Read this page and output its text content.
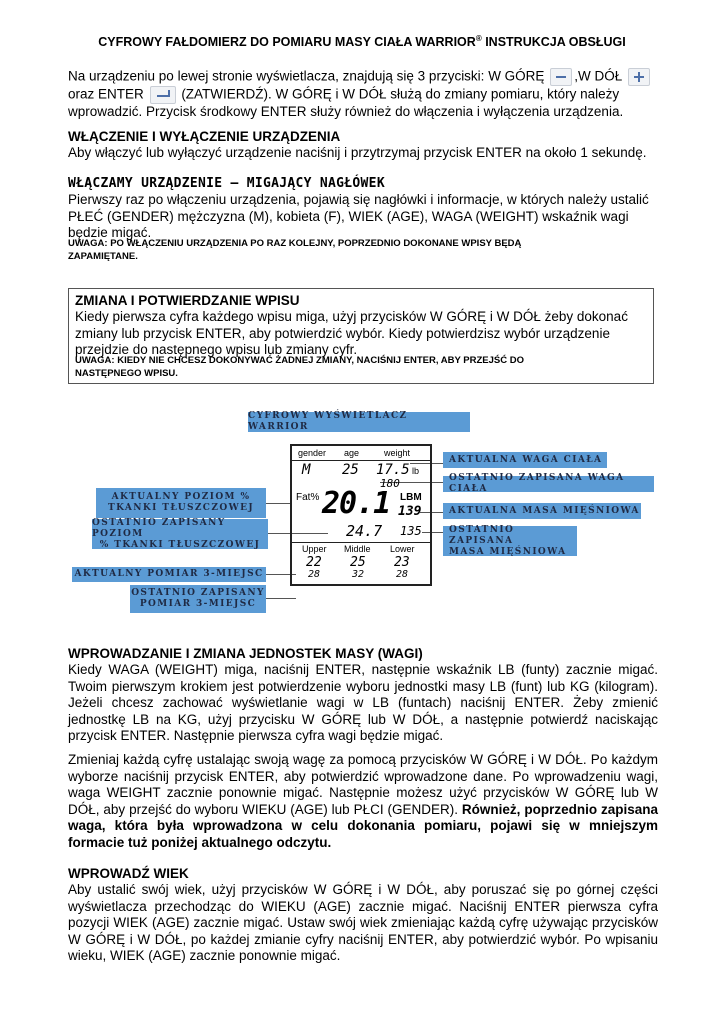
CYFROWY FAŁDOMIERZ DO POMIARU MASY CIAŁA WARRIOR® INSTRUKCJA OBSŁUGI
Na urządzeniu po lewej stronie wyświetlacza, znajdują się 3 przyciski: W GÓRĘ ,W DÓŁ
oraz ENTER	(ZATWIERDŹ). W GÓRĘ i W DÓŁ służą do zmiany pomiaru, który należy
wprowadzić. Przycisk środkowy ENTER służy również do włączenia i wyłączenia urządzenia.
WŁĄCZENIE I WYŁĄCZENIE URZĄDZENIA
Aby włączyć lub wyłączyć urządzenie naciśnij i przytrzymaj przycisk ENTER na około 1 sekundę.
WŁĄCZAMY URZĄDZENIE – MIGAJĄCY NAGŁÓWEK
Pierwszy raz po włączeniu urządzenia, pojawią się nagłówki i informacje, w których należy ustalić
PŁEĆ (GENDER) mężczyzna (M), kobieta (F), WIEK (AGE), WAGA (WEIGHT) wskaźnik wagi
będzie migać.
UWAGA: PO WŁĄCZENIU URZĄDZENIA PO RAZ KOLEJNY, POPRZEDNIO DOKONANE WPISY BĘDĄ
ZAPAMIĘTANE.
ZMIANA I POTWIERDZANIE WPISU
Kiedy pierwsza cyfra każdego wpisu miga, użyj przycisków W GÓRĘ i W DÓŁ żeby dokonać
zmiany lub przycisk ENTER, aby potwierdzić wybór. Kiedy potwierdzisz wybór urządzenie
przejdzie do następnego wpisu lub zmiany cyfr.
UWAGA: KIEDY NIE CHCESZ DOKONYWAĆ ŻADNEJ ZMIANY, NACIŚNIJ ENTER, ABY PRZEJŚĆ DO
NASTĘPNEGO WPISU.
CYFROWY WYŚWIETLACZ WARRIOR
AKTUALNA WAGA CIAŁA
OSTATNIO ZAPISANA WAGA CIAŁA
AKTUALNA MASA MIĘŚNIOWA
OSTATNIO ZAPISANA
MASA MIĘŚNIOWA
AKTUALNY POZIOM %
TKANKI TŁUSZCZOWEJ
OSTATNIO ZAPISANY POZIOM
% TKANKI TŁUSZCZOWEJ
AKTUALNY POMIAR 3-MIEJSC
OSTATNIO ZAPISANY
POMIAR 3-MIEJSC
gender age	weight
M 25 17.5 lb
180
Fat% 20.1 LBM
139
24.7 135
Upper Middle Lower
22 25 23
28	32	28
WPROWADZANIE I ZMIANA JEDNOSTEK MASY (WAGI)
Kiedy WAGA (WEIGHT) miga, naciśnij ENTER, następnie wskaźnik LB (funty) zacznie migać. Twoim pierwszym krokiem jest potwierdzenie wyboru jednostki masy LB (funt) lub KG (kilogram). Jeżeli chcesz zachować wyświetlanie wagi w LB (funtach) naciśnij ENTER. Żeby zmienić jednostkę LB na KG, użyj przycisku W GÓRĘ lub W DÓŁ, a następnie potwierdź naciskając przycisk ENTER. Następnie pierwsza cyfra wagi będzie migać.
Zmieniaj każdą cyfrę ustalając swoją wagę za pomocą przycisków W GÓRĘ i W DÓŁ. Po każdym wyborze naciśnij przycisk ENTER, aby potwierdzić wprowadzone dane. Po wprowadzeniu wagi, waga WEIGHT zacznie ponownie migać. Następnie możesz użyć przycisków W GÓRĘ lub W DÓŁ, aby przejść do wyboru WIEKU (AGE) lub PŁCI (GENDER). Również, poprzednio zapisana waga, która była wprowadzona w celu dokonania pomiaru, pojawi się w mniejszym formacie tuż poniżej aktualnego odczytu.
WPROWADŹ WIEK
Aby ustalić swój wiek, użyj przycisków W GÓRĘ i W DÓŁ, aby poruszać się po górnej części wyświetlacza przechodząc do WIEKU (AGE) zacznie migać. Naciśnij ENTER pierwsza cyfra pozycji WIEK (AGE) zacznie migać. Ustaw swój wiek zmieniając każdą cyfrę używając przycisków W GÓRĘ i W DÓŁ, po każdej zmianie cyfry naciśnij ENTER, aby potwierdzić wybór. Po wpisaniu wieku, WIEK (AGE) zacznie ponownie migać.
